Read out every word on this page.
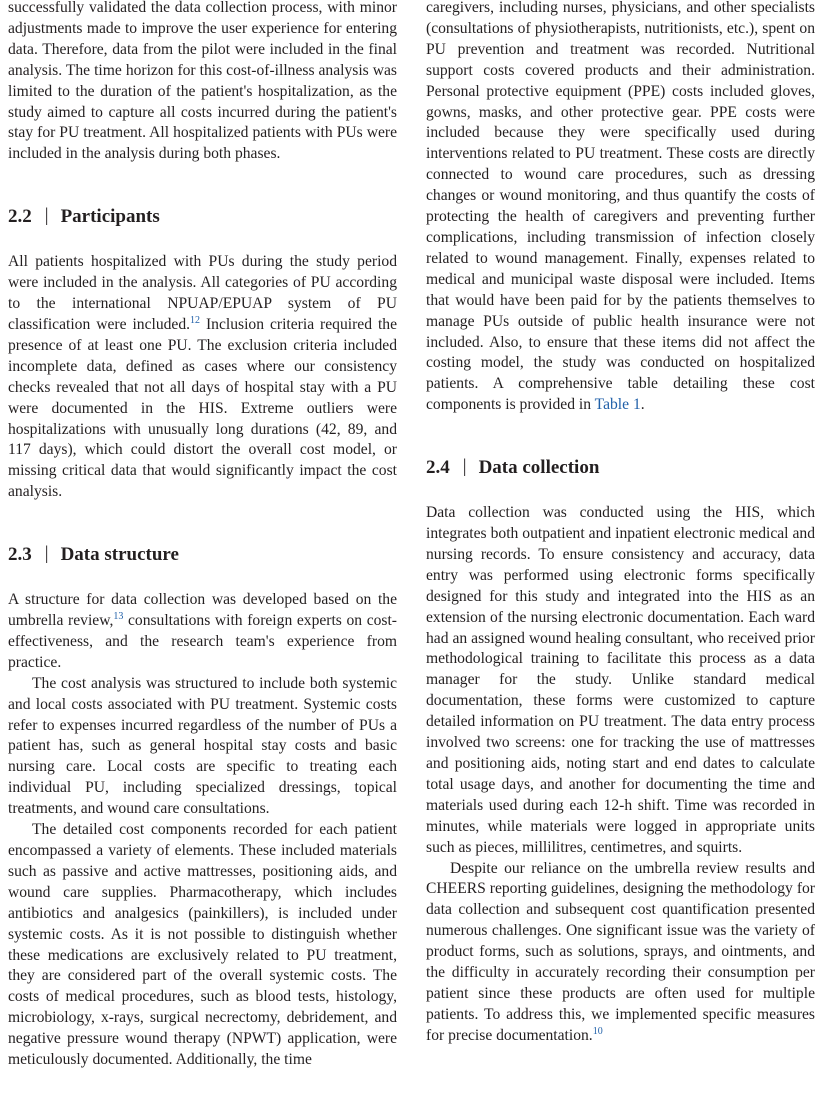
successfully validated the data collection process, with minor adjustments made to improve the user experience for entering data. Therefore, data from the pilot were included in the final analysis. The time horizon for this cost-of-illness analysis was limited to the duration of the patient's hospitalization, as the study aimed to capture all costs incurred during the patient's stay for PU treatment. All hospitalized patients with PUs were included in the analysis during both phases.

2.2 | Participants

All patients hospitalized with PUs during the study period were included in the analysis. All categories of PU according to the international NPUAP/EPUAP system of PU classification were included.$^{12}$ Inclusion criteria required the presence of at least one PU. The exclusion criteria included incomplete data, defined as cases where our consistency checks revealed that not all days of hospital stay with a PU were documented in the HIS. Extreme outliers were hospitalizations with unusually long durations (42, 89, and 117 days), which could distort the overall cost model, or missing critical data that would significantly impact the cost analysis.

2.3 | Data structure

A structure for data collection was developed based on the umbrella review,$^{13}$ consultations with foreign experts on cost-effectiveness, and the research team's experience from practice.

The cost analysis was structured to include both systemic and local costs associated with PU treatment. Systemic costs refer to expenses incurred regardless of the number of PUs a patient has, such as general hospital stay costs and basic nursing care. Local costs are specific to treating each individual PU, including specialized dressings, topical treatments, and wound care consultations.

The detailed cost components recorded for each patient encompassed a variety of elements. These included materials such as passive and active mattresses, positioning aids, and wound care supplies. Pharmacotherapy, which includes antibiotics and analgesics (painkillers), is included under systemic costs. As it is not possible to distinguish whether these medications are exclusively related to PU treatment, they are considered part of the overall systemic costs. The costs of medical procedures, such as blood tests, histology, microbiology, x-rays, surgical necrectomy, debridement, and negative pressure wound therapy (NPWT) application, were meticulously documented. Additionally, the time

caregivers, including nurses, physicians, and other specialists (consultations of physiotherapists, nutritionists, etc.), spent on PU prevention and treatment was recorded. Nutritional support costs covered products and their administration. Personal protective equipment (PPE) costs included gloves, gowns, masks, and other protective gear. PPE costs were included because they were specifically used during interventions related to PU treatment. These costs are directly connected to wound care procedures, such as dressing changes or wound monitoring, and thus quantify the costs of protecting the health of caregivers and preventing further complications, including transmission of infection closely related to wound management. Finally, expenses related to medical and municipal waste disposal were included. Items that would have been paid for by the patients themselves to manage PUs outside of public health insurance were not included. Also, to ensure that these items did not affect the costing model, the study was conducted on hospitalized patients. A comprehensive table detailing these cost components is provided in Table 1.

2.4 | Data collection

Data collection was conducted using the HIS, which integrates both outpatient and inpatient electronic medical and nursing records. To ensure consistency and accuracy, data entry was performed using electronic forms specifically designed for this study and integrated into the HIS as an extension of the nursing electronic documentation. Each ward had an assigned wound healing consultant, who received prior methodological training to facilitate this process as a data manager for the study. Unlike standard medical documentation, these forms were customized to capture detailed information on PU treatment. The data entry process involved two screens: one for tracking the use of mattresses and positioning aids, noting start and end dates to calculate total usage days, and another for documenting the time and materials used during each 12-h shift. Time was recorded in minutes, while materials were logged in appropriate units such as pieces, millilitres, centimetres, and squirts.

Despite our reliance on the umbrella review results and CHEERS reporting guidelines, designing the methodology for data collection and subsequent cost quantification presented numerous challenges. One significant issue was the variety of product forms, such as solutions, sprays, and ointments, and the difficulty in accurately recording their consumption per patient since these products are often used for multiple patients. To address this, we implemented specific measures for precise documentation.$^{10}$
